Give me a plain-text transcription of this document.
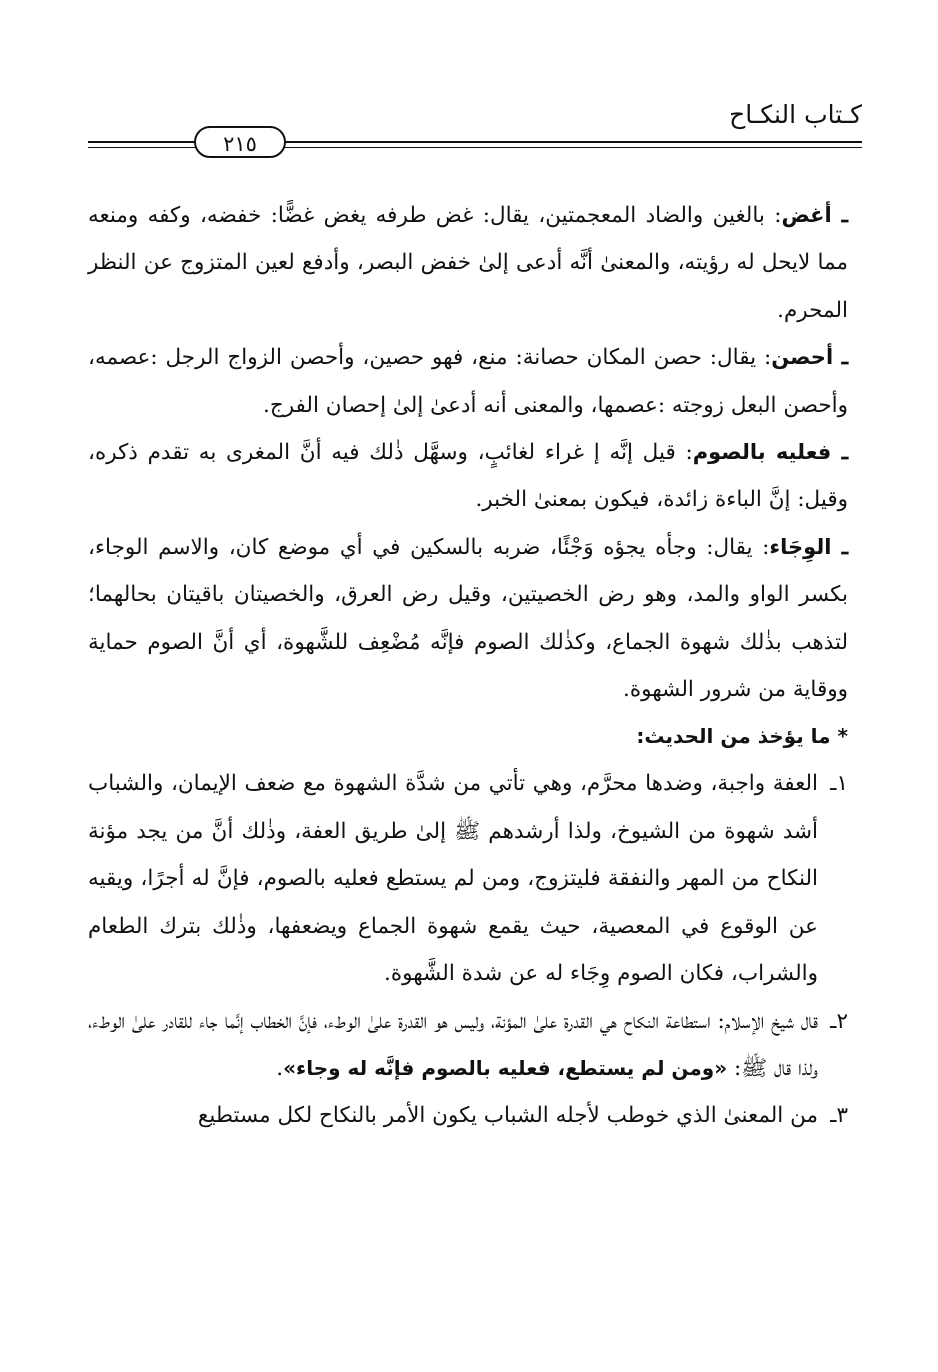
كـتاب النكـاح
٢١٥

ـ أغض: بالغين والضاد المعجمتين، يقال: غض طرفه يغض غضًّا: خفضه، وكفه ومنعه مما لايحل له رؤيته، والمعنىٰ أنَّه أدعى إلىٰ خفض البصر، وأدفع لعين المتزوج عن النظر المحرم.

ـ أحصن: يقال: حصن المكان حصانة: منع، فهو حصين، وأحصن الزواج الرجل :عصمه، وأحصن البعل زوجته :عصمها، والمعنى أنه أدعىٰ إلىٰ إحصان الفرج.

ـ فعليه بالصوم: قيل إنَّه إ غراء لغائبٍ، وسهَّل ذٰلك فيه أنَّ المغرى به تقدم ذكره، وقيل: إنَّ الباءة زائدة، فيكون بمعنىٰ الخبر.

ـ الوِجَاء: يقال: وجأه يجؤه وَجْئًا، ضربه بالسكين في أي موضع كان، والاسم الوجاء، بكسر الواو والمد، وهو رض الخصيتين، وقيل رض العرق، والخصيتان باقيتان بحالهما؛ لتذهب بذٰلك شهوة الجماع، وكذٰلك الصوم فإنَّه مُضْعِف للشَّهوة، أي أنَّ الصوم حماية ووقاية من شرور الشهوة.

* ما يؤخذ من الحديث:

١ـ
العفة واجبة، وضدها محرَّم، وهي تأتي من شدَّة الشهوة مع ضعف الإيمان، والشباب أشد شهوة من الشيوخ، ولذا أرشدهم ﷺ إلىٰ طريق العفة، وذٰلك أنَّ من يجد مؤنة النكاح من المهر والنفقة فليتزوج، ومن لم يستطع فعليه بالصوم، فإنَّ له أجرًا، ويقيه عن الوقوع في المعصية، حيث يقمع شهوة الجماع ويضعفها، وذٰلك بترك الطعام والشراب، فكان الصوم وِجَاء له عن شدة الشَّهوة.
٢ـ
قال شيخ الإسلام: استطاعة النكاح هي القدرة علىٰ المؤنة، وليس هو القدرة علىٰ الوطء، فإنَّ الخطاب إنَّما جاء للقادر علىٰ الوطء، ولذا قال ﷺ: «ومن لم يستطع، فعليه بالصوم فإنَّه له وجاء».
٣ـ
من المعنىٰ الذي خوطب لأجله الشباب يكون الأمر بالنكاح لكل مستطيع
